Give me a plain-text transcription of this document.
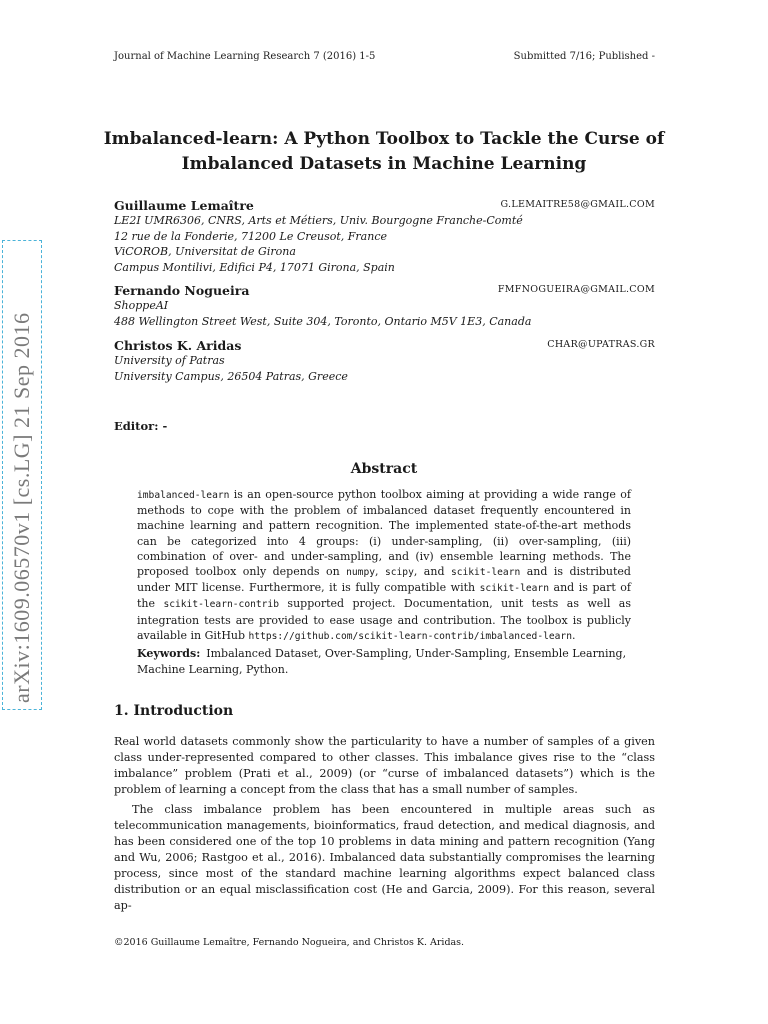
Journal of Machine Learning Research 7 (2016) 1-5	Submitted 7/16; Published -
arXiv:1609.06570v1 [cs.LG] 21 Sep 2016
Imbalanced-learn: A Python Toolbox to Tackle the Curse of
Imbalanced Datasets in Machine Learning
Guillaume Lemaître	G.LEMAITRE58@GMAIL.COM
LE2I UMR6306, CNRS, Arts et Métiers, Univ. Bourgogne Franche-Comté
12 rue de la Fonderie, 71200 Le Creusot, France
ViCOROB, Universitat de Girona
Campus Montilivi, Edifici P4, 17071 Girona, Spain
Fernando Nogueira	FMFNOGUEIRA@GMAIL.COM
ShoppeAI
488 Wellington Street West, Suite 304, Toronto, Ontario M5V 1E3, Canada
Christos K. Aridas	CHAR@UPATRAS.GR
University of Patras
University Campus, 26504 Patras, Greece
Editor: -
Abstract
imbalanced-learn is an open-source python toolbox aiming at providing a wide range of methods to cope with the problem of imbalanced dataset frequently encountered in machine learning and pattern recognition. The implemented state-of-the-art methods can be categorized into 4 groups: (i) under-sampling, (ii) over-sampling, (iii) combination of over- and under-sampling, and (iv) ensemble learning methods. The proposed toolbox only depends on numpy, scipy, and scikit-learn and is distributed under MIT license. Furthermore, it is fully compatible with scikit-learn and is part of the scikit-learn-contrib supported project. Documentation, unit tests as well as integration tests are provided to ease usage and contribution. The toolbox is publicly available in GitHub https://github.com/scikit-learn-contrib/imbalanced-learn.
Keywords: Imbalanced Dataset, Over-Sampling, Under-Sampling, Ensemble Learning, Machine Learning, Python.
1. Introduction

Real world datasets commonly show the particularity to have a number of samples of a given class under-represented compared to other classes. This imbalance gives rise to the “class imbalance” problem (Prati et al., 2009) (or “curse of imbalanced datasets”) which is the problem of learning a concept from the class that has a small number of samples.

The class imbalance problem has been encountered in multiple areas such as telecommunication managements, bioinformatics, fraud detection, and medical diagnosis, and has been considered one of the top 10 problems in data mining and pattern recognition (Yang and Wu, 2006; Rastgoo et al., 2016). Imbalanced data substantially compromises the learning process, since most of the standard machine learning algorithms expect balanced class distribution or an equal misclassification cost (He and Garcia, 2009). For this reason, several ap-

©2016 Guillaume Lemaître, Fernando Nogueira, and Christos K. Aridas.
